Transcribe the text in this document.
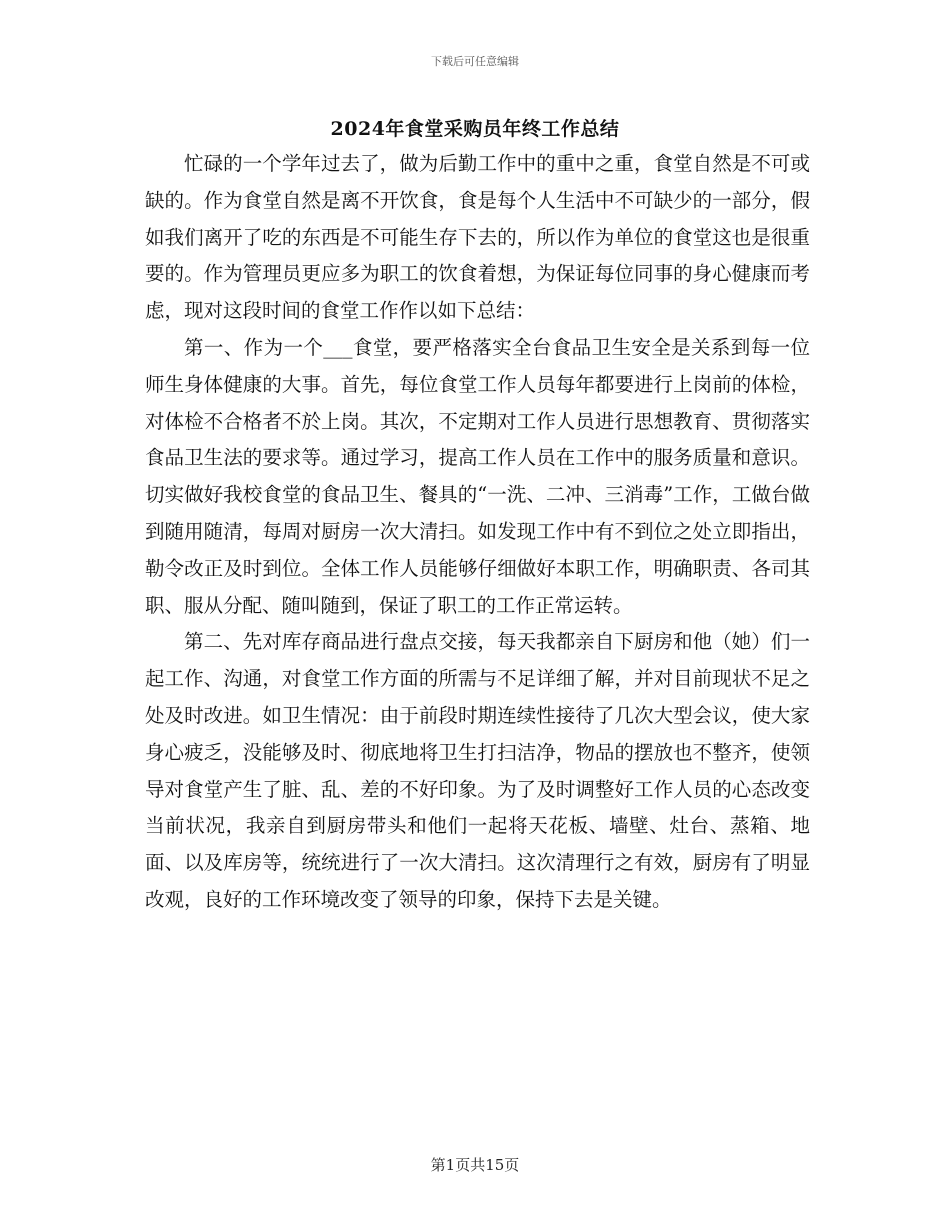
下载后可任意编辑
2024年食堂采购员年终工作总结

忙碌的一个学年过去了，做为后勤工作中的重中之重，食堂自然是不可或缺的。作为食堂自然是离不开饮食，食是每个人生活中不可缺少的一部分，假如我们离开了吃的东西是不可能生存下去的，所以作为单位的食堂这也是很重要的。作为管理员更应多为职工的饮食着想，为保证每位同事的身心健康而考虑，现对这段时间的食堂工作作以如下总结：

第一、作为一个___食堂，要严格落实全台食品卫生安全是关系到每一位师生身体健康的大事。首先，每位食堂工作人员每年都要进行上岗前的体检，对体检不合格者不於上岗。其次，不定期对工作人员进行思想教育、贯彻落实食品卫生法的要求等。通过学习，提高工作人员在工作中的服务质量和意识。切实做好我校食堂的食品卫生、餐具的“一洗、二冲、三消毒”工作，工做台做到随用随清，每周对厨房一次大清扫。如发现工作中有不到位之处立即指出，勒令改正及时到位。全体工作人员能够仔细做好本职工作，明确职责、各司其职、服从分配、随叫随到，保证了职工的工作正常运转。

第二、先对库存商品进行盘点交接，每天我都亲自下厨房和他（她）们一起工作、沟通，对食堂工作方面的所需与不足详细了解，并对目前现状不足之处及时改进。如卫生情况：由于前段时期连续性接待了几次大型会议，使大家身心疲乏，没能够及时、彻底地将卫生打扫洁净，物品的摆放也不整齐，使领导对食堂产生了脏、乱、差的不好印象。为了及时调整好工作人员的心态改变当前状况，我亲自到厨房带头和他们一起将天花板、墙壁、灶台、蒸箱、地面、以及库房等，统统进行了一次大清扫。这次清理行之有效，厨房有了明显改观，良好的工作环境改变了领导的印象，保持下去是关键。

第1页共15页
